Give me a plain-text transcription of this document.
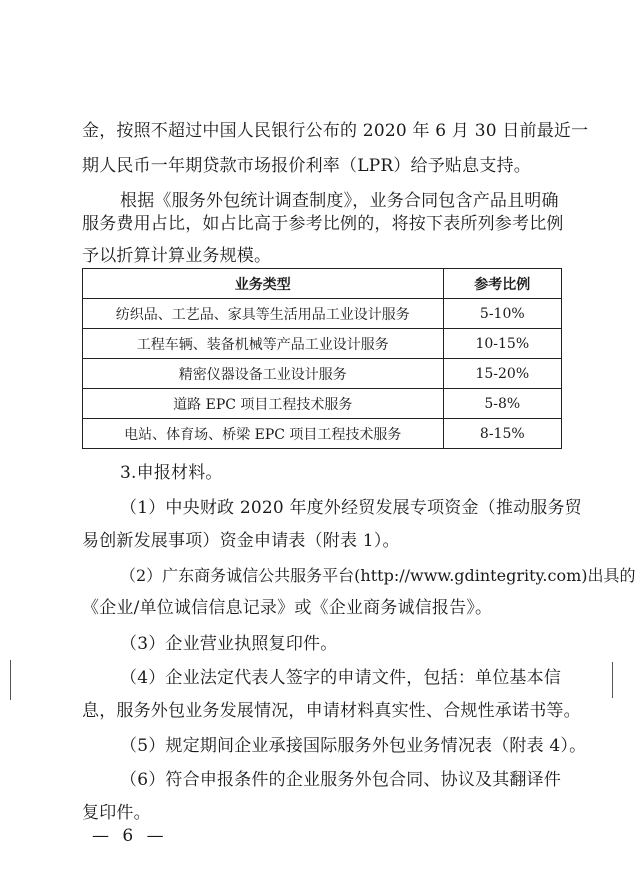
金，按照不超过中国人民银行公布的 2020 年 6 月 30 日前最近一
期人民币一年期贷款市场报价利率（LPR）给予贴息支持。
根据《服务外包统计调查制度》，业务合同包含产品且明确
服务费用占比，如占比高于参考比例的，将按下表所列参考比例
予以折算计算业务规模。
业务类型	参考比例
纺织品、工艺品、家具等生活用品工业设计服务	5-10%
工程车辆、装备机械等产品工业设计服务	10-15%
精密仪器设备工业设计服务	15-20%
道路 EPC 项目工程技术服务	5-8%
电站、体育场、桥梁 EPC 项目工程技术服务	8-15%
3.申报材料。
（1）中央财政 2020 年度外经贸发展专项资金（推动服务贸
易创新发展事项）资金申请表（附表 1）。
（2）广东商务诚信公共服务平台(http://www.gdintegrity.com)出具的
《企业/单位诚信信息记录》或《企业商务诚信报告》。
（3）企业营业执照复印件。
（4）企业法定代表人签字的申请文件，包括：单位基本信
息，服务外包业务发展情况，申请材料真实性、合规性承诺书等。
（5）规定期间企业承接国际服务外包业务情况表（附表 4）。
（6）符合申报条件的企业服务外包合同、协议及其翻译件
复印件。
— 6 —
